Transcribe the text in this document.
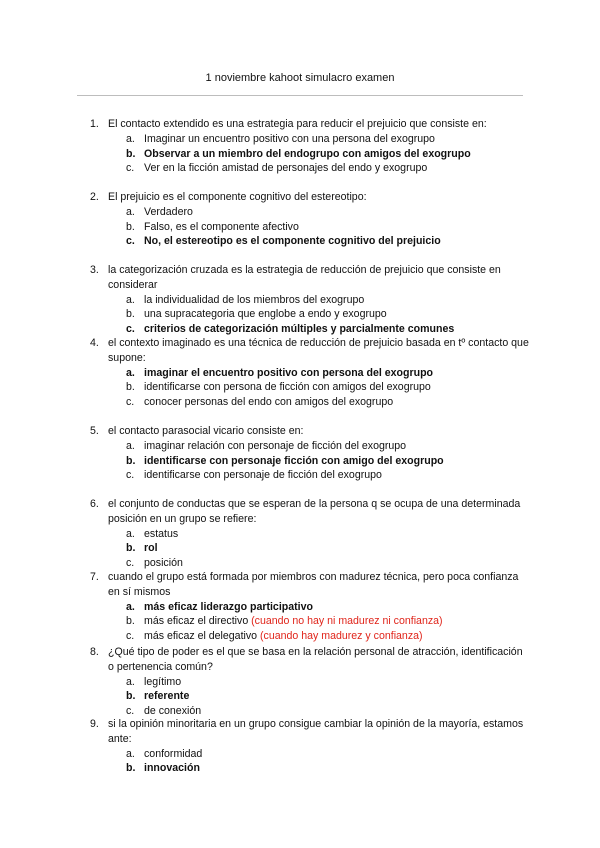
1 noviembre kahoot simulacro examen
1. El contacto extendido es una estrategia para reducir el prejuicio que consiste en:
a. Imaginar un encuentro positivo con una persona del exogrupo
b. Observar a un miembro del endogrupo con amigos del exogrupo
c. Ver en la ficción amistad de personajes del endo y exogrupo
2. El prejuicio es el componente cognitivo del estereotipo:
a. Verdadero
b. Falso, es el componente afectivo
c. No, el estereotipo es el componente cognitivo del prejuicio
3. la categorización cruzada es la estrategia de reducción de prejuicio que consiste en considerar
a. la individualidad de los miembros del exogrupo
b. una supracategoria que englobe a endo y exogrupo
c. criterios de categorización múltiples y parcialmente comunes
4. el contexto imaginado es una técnica de reducción de prejuicio basada en tº contacto que supone:
a. imaginar el encuentro positivo con persona del exogrupo
b. identificarse con persona de ficción con amigos del exogrupo
c. conocer personas del endo con amigos del exogrupo
5. el contacto parasocial vicario consiste en:
a. imaginar relación con personaje de ficción del exogrupo
b. identificarse con personaje ficción con amigo del exogrupo
c. identificarse con personaje de ficción del exogrupo
6. el conjunto de conductas que se esperan de la persona q se ocupa de una determinada posición en un grupo se refiere:
a. estatus
b. rol
c. posición
7. cuando el grupo está formada por miembros con madurez técnica, pero poca confianza en sí mismos
a. más eficaz liderazgo participativo
b. más eficaz el directivo (cuando no hay ni madurez ni confianza)
c. más eficaz el delegativo (cuando hay madurez y confianza)
8. ¿Qué tipo de poder es el que se basa en la relación personal de atracción, identificación o pertenencia común?
a. legítimo
b. referente
c. de conexión
9. si la opinión minoritaria en un grupo consigue cambiar la opinión de la mayoría, estamos ante:
a. conformidad
b. innovación
